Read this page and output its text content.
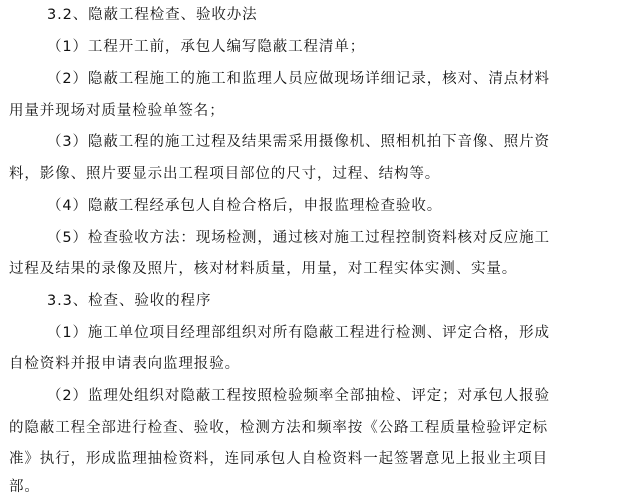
3.2、隐蔽工程检查、验收办法
（1）工程开工前，承包人编写隐蔽工程清单；
（2）隐蔽工程施工的施工和监理人员应做现场详细记录，核对、清点材料
用量并现场对质量检验单签名；
（3）隐蔽工程的施工过程及结果需采用摄像机、照相机拍下音像、照片资
料，影像、照片要显示出工程项目部位的尺寸，过程、结构等。
（4）隐蔽工程经承包人自检合格后，申报监理检查验收。
（5）检查验收方法：现场检测，通过核对施工过程控制资料核对反应施工
过程及结果的录像及照片，核对材料质量，用量，对工程实体实测、实量。
3.3、检查、验收的程序
（1）施工单位项目经理部组织对所有隐蔽工程进行检测、评定合格，形成
自检资料并报申请表向监理报验。
（2）监理处组织对隐蔽工程按照检验频率全部抽检、评定；对承包人报验
的隐蔽工程全部进行检查、验收，检测方法和频率按《公路工程质量检验评定标
准》执行，形成监理抽检资料，连同承包人自检资料一起签署意见上报业主项目
部。
